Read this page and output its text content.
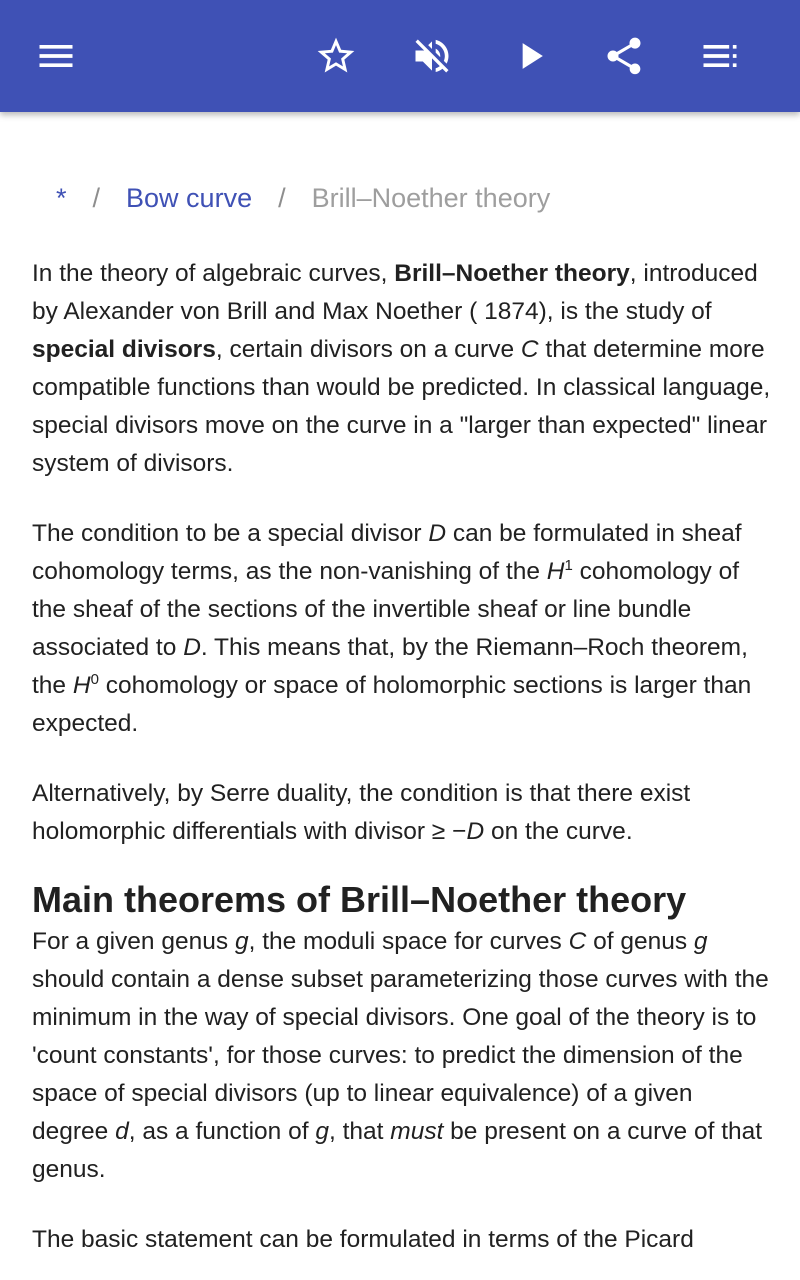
* / Bow curve / Brill–Noether theory

In the theory of algebraic curves, Brill–Noether theory, introduced by Alexander von Brill and Max Noether ( 1874), is the study of special divisors, certain divisors on a curve C that determine more compatible functions than would be predicted. In classical language, special divisors move on the curve in a "larger than expected" linear system of divisors.

The condition to be a special divisor D can be formulated in sheaf cohomology terms, as the non-vanishing of the $H^1$ cohomology of the sheaf of the sections of the invertible sheaf or line bundle associated to D. This means that, by the Riemann–Roch theorem, the $H^0$ cohomology or space of holomorphic sections is larger than expected.

Alternatively, by Serre duality, the condition is that there exist holomorphic differentials with divisor ≥ −D on the curve.

Main theorems of Brill–Noether theory

For a given genus g, the moduli space for curves C of genus g should contain a dense subset parameterizing those curves with the minimum in the way of special divisors. One goal of the theory is to 'count constants', for those curves: to predict the dimension of the space of special divisors (up to linear equivalence) of a given degree d, as a function of g, that must be present on a curve of that genus.

The basic statement can be formulated in terms of the Picard
